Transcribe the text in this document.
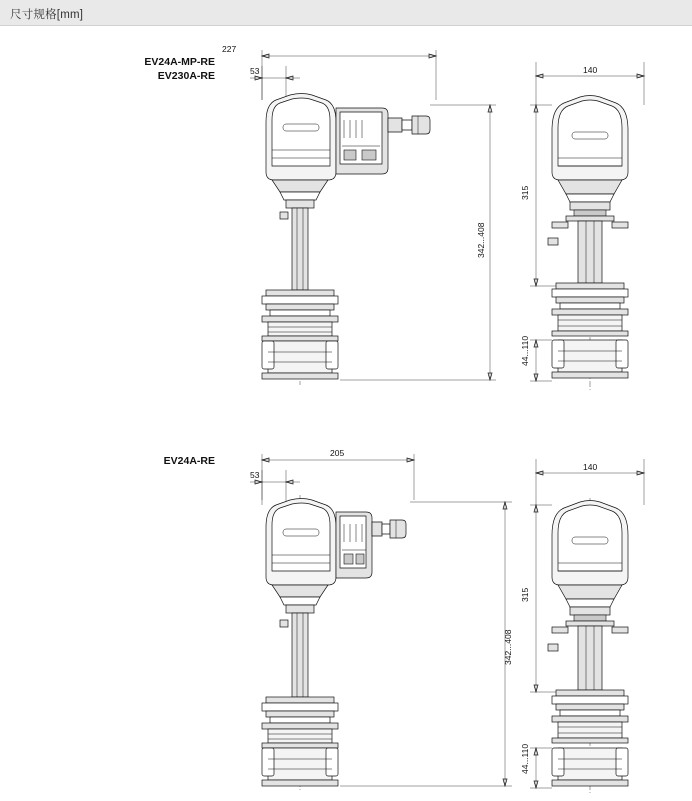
尺寸规格[mm]
EV24A-MP-RE
EV230A-RE
EV24A-RE
227
53
342...408
140
315
44...110
205
53
342...408
140
315
44...110
